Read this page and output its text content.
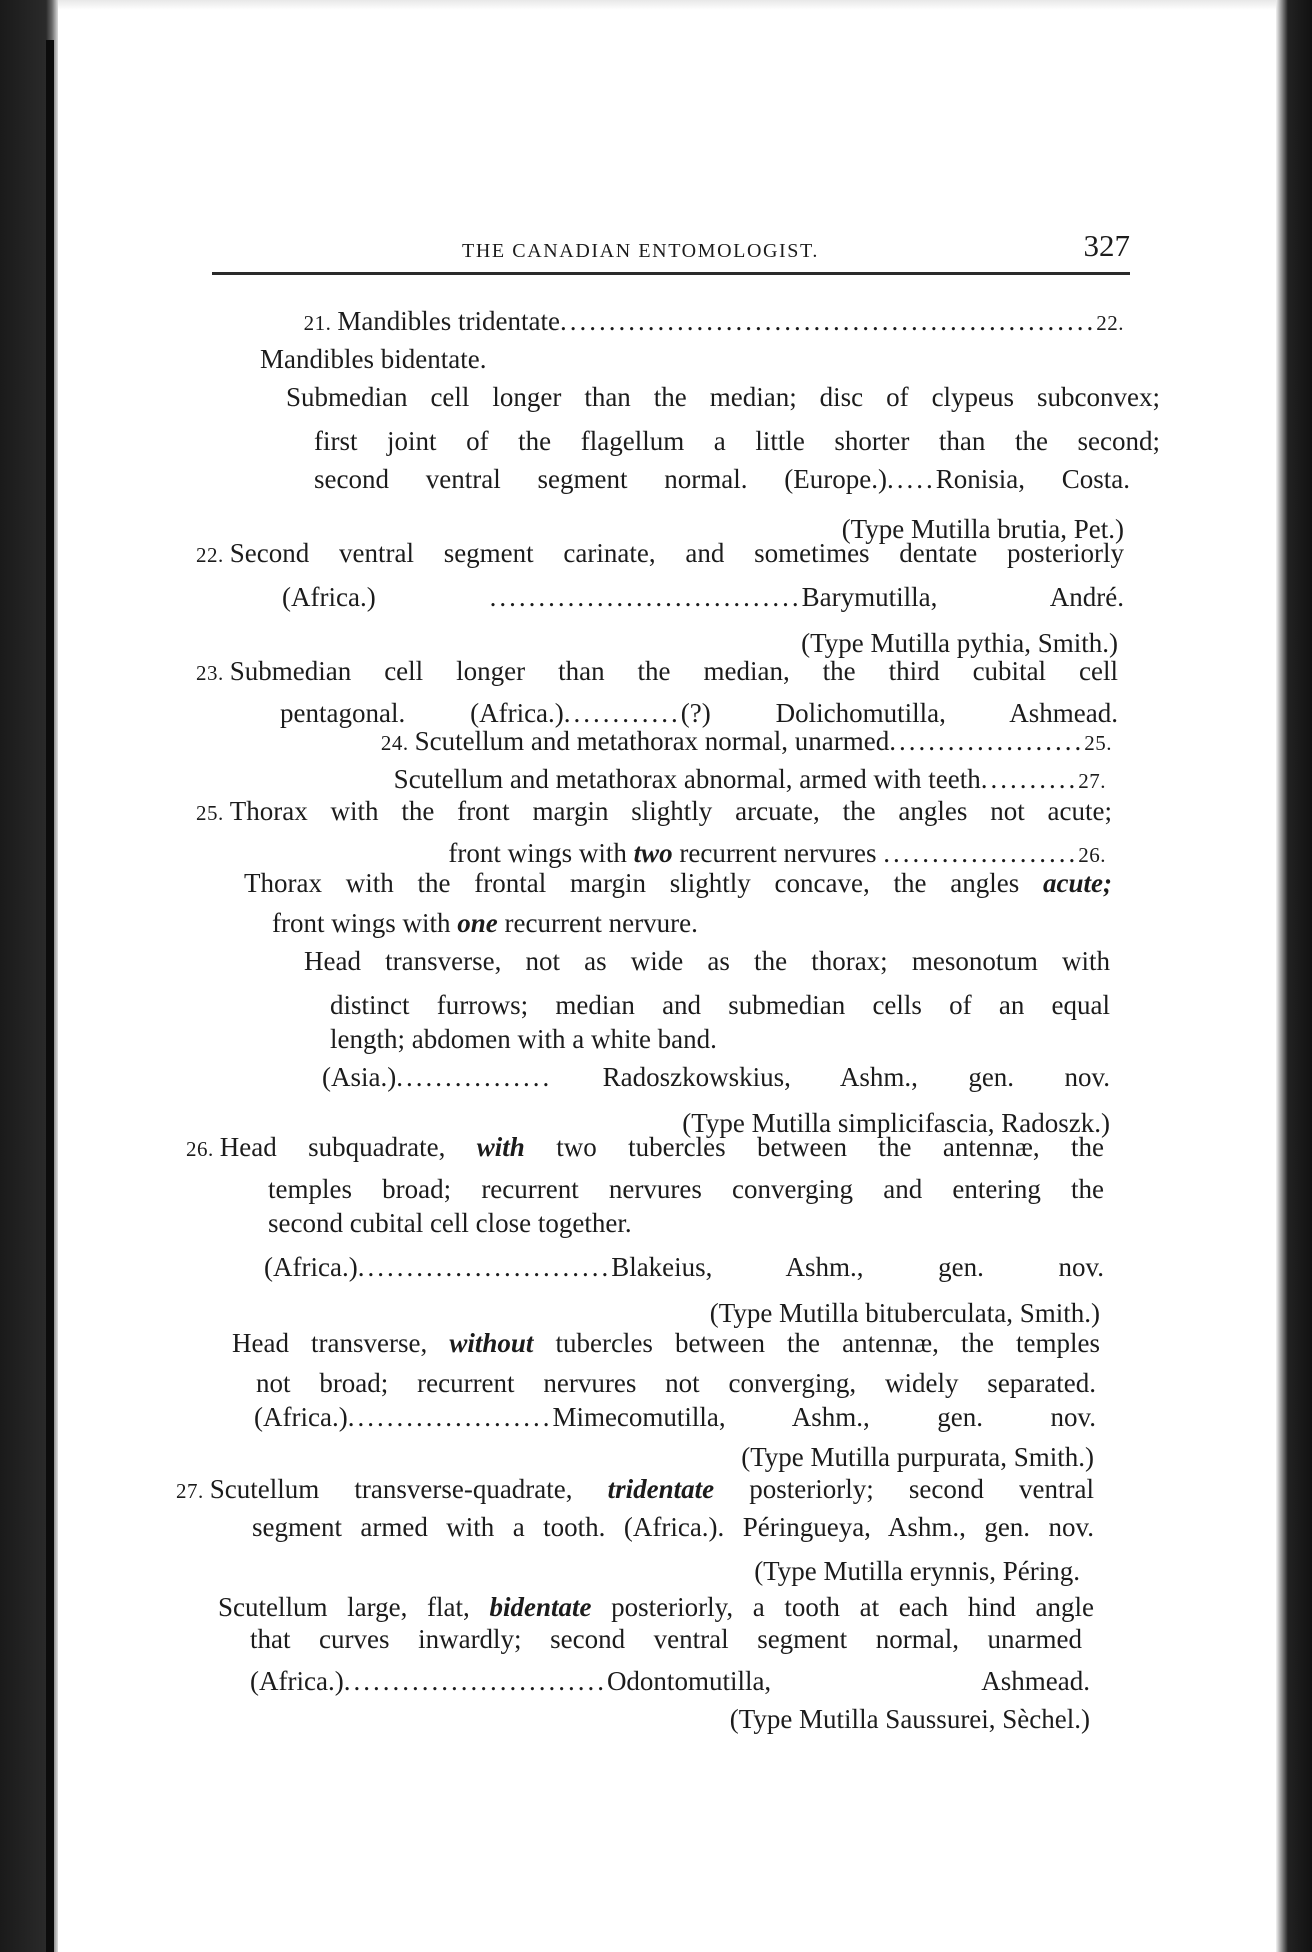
THE CANADIAN ENTOMOLOGIST.	327
21. Mandibles tridentate.......................................................22.
Mandibles bidentate.
Submedian cell longer than the median; disc of clypeus subconvex;
first joint of the flagellum a little shorter than the second;
second ventral segment normal. (Europe.).....Ronisia, Costa.
(Type Mutilla brutia, Pet.)
22. Second ventral segment carinate, and sometimes dentate posteriorly
(Africa.) ................................Barymutilla, André.
(Type Mutilla pythia, Smith.)
23. Submedian cell longer than the median, the third cubital cell
pentagonal. (Africa.)............(?) Dolichomutilla, Ashmead.
24. Scutellum and metathorax normal, unarmed....................25.
Scutellum and metathorax abnormal, armed with teeth..........27.
25. Thorax with the front margin slightly arcuate, the angles not acute;
front wings with two recurrent nervures ....................26.
Thorax with the frontal margin slightly concave, the angles acute;
front wings with one recurrent nervure.
Head transverse, not as wide as the thorax; mesonotum with
distinct furrows; median and submedian cells of an equal
length; abdomen with a white band.
(Asia.)................ Radoszkowskius, Ashm., gen. nov.
(Type Mutilla simplicifascia, Radoszk.)
26. Head subquadrate, with two tubercles between the antennæ, the
temples broad; recurrent nervures converging and entering the
second cubital cell close together.
(Africa.)..........................Blakeius, Ashm., gen. nov.
(Type Mutilla bituberculata, Smith.)
Head transverse, without tubercles between the antennæ, the temples
not broad; recurrent nervures not converging, widely separated.
(Africa.).....................Mimecomutilla, Ashm., gen. nov.
(Type Mutilla purpurata, Smith.)
27. Scutellum transverse-quadrate, tridentate posteriorly; second ventral
segment armed with a tooth. (Africa.). Péringueya, Ashm., gen. nov.
(Type Mutilla erynnis, Péring.
Scutellum large, flat, bidentate posteriorly, a tooth at each hind angle
that curves inwardly; second ventral segment normal, unarmed
(Africa.)...........................Odontomutilla, Ashmead.
(Type Mutilla Saussurei, Sèchel.)
